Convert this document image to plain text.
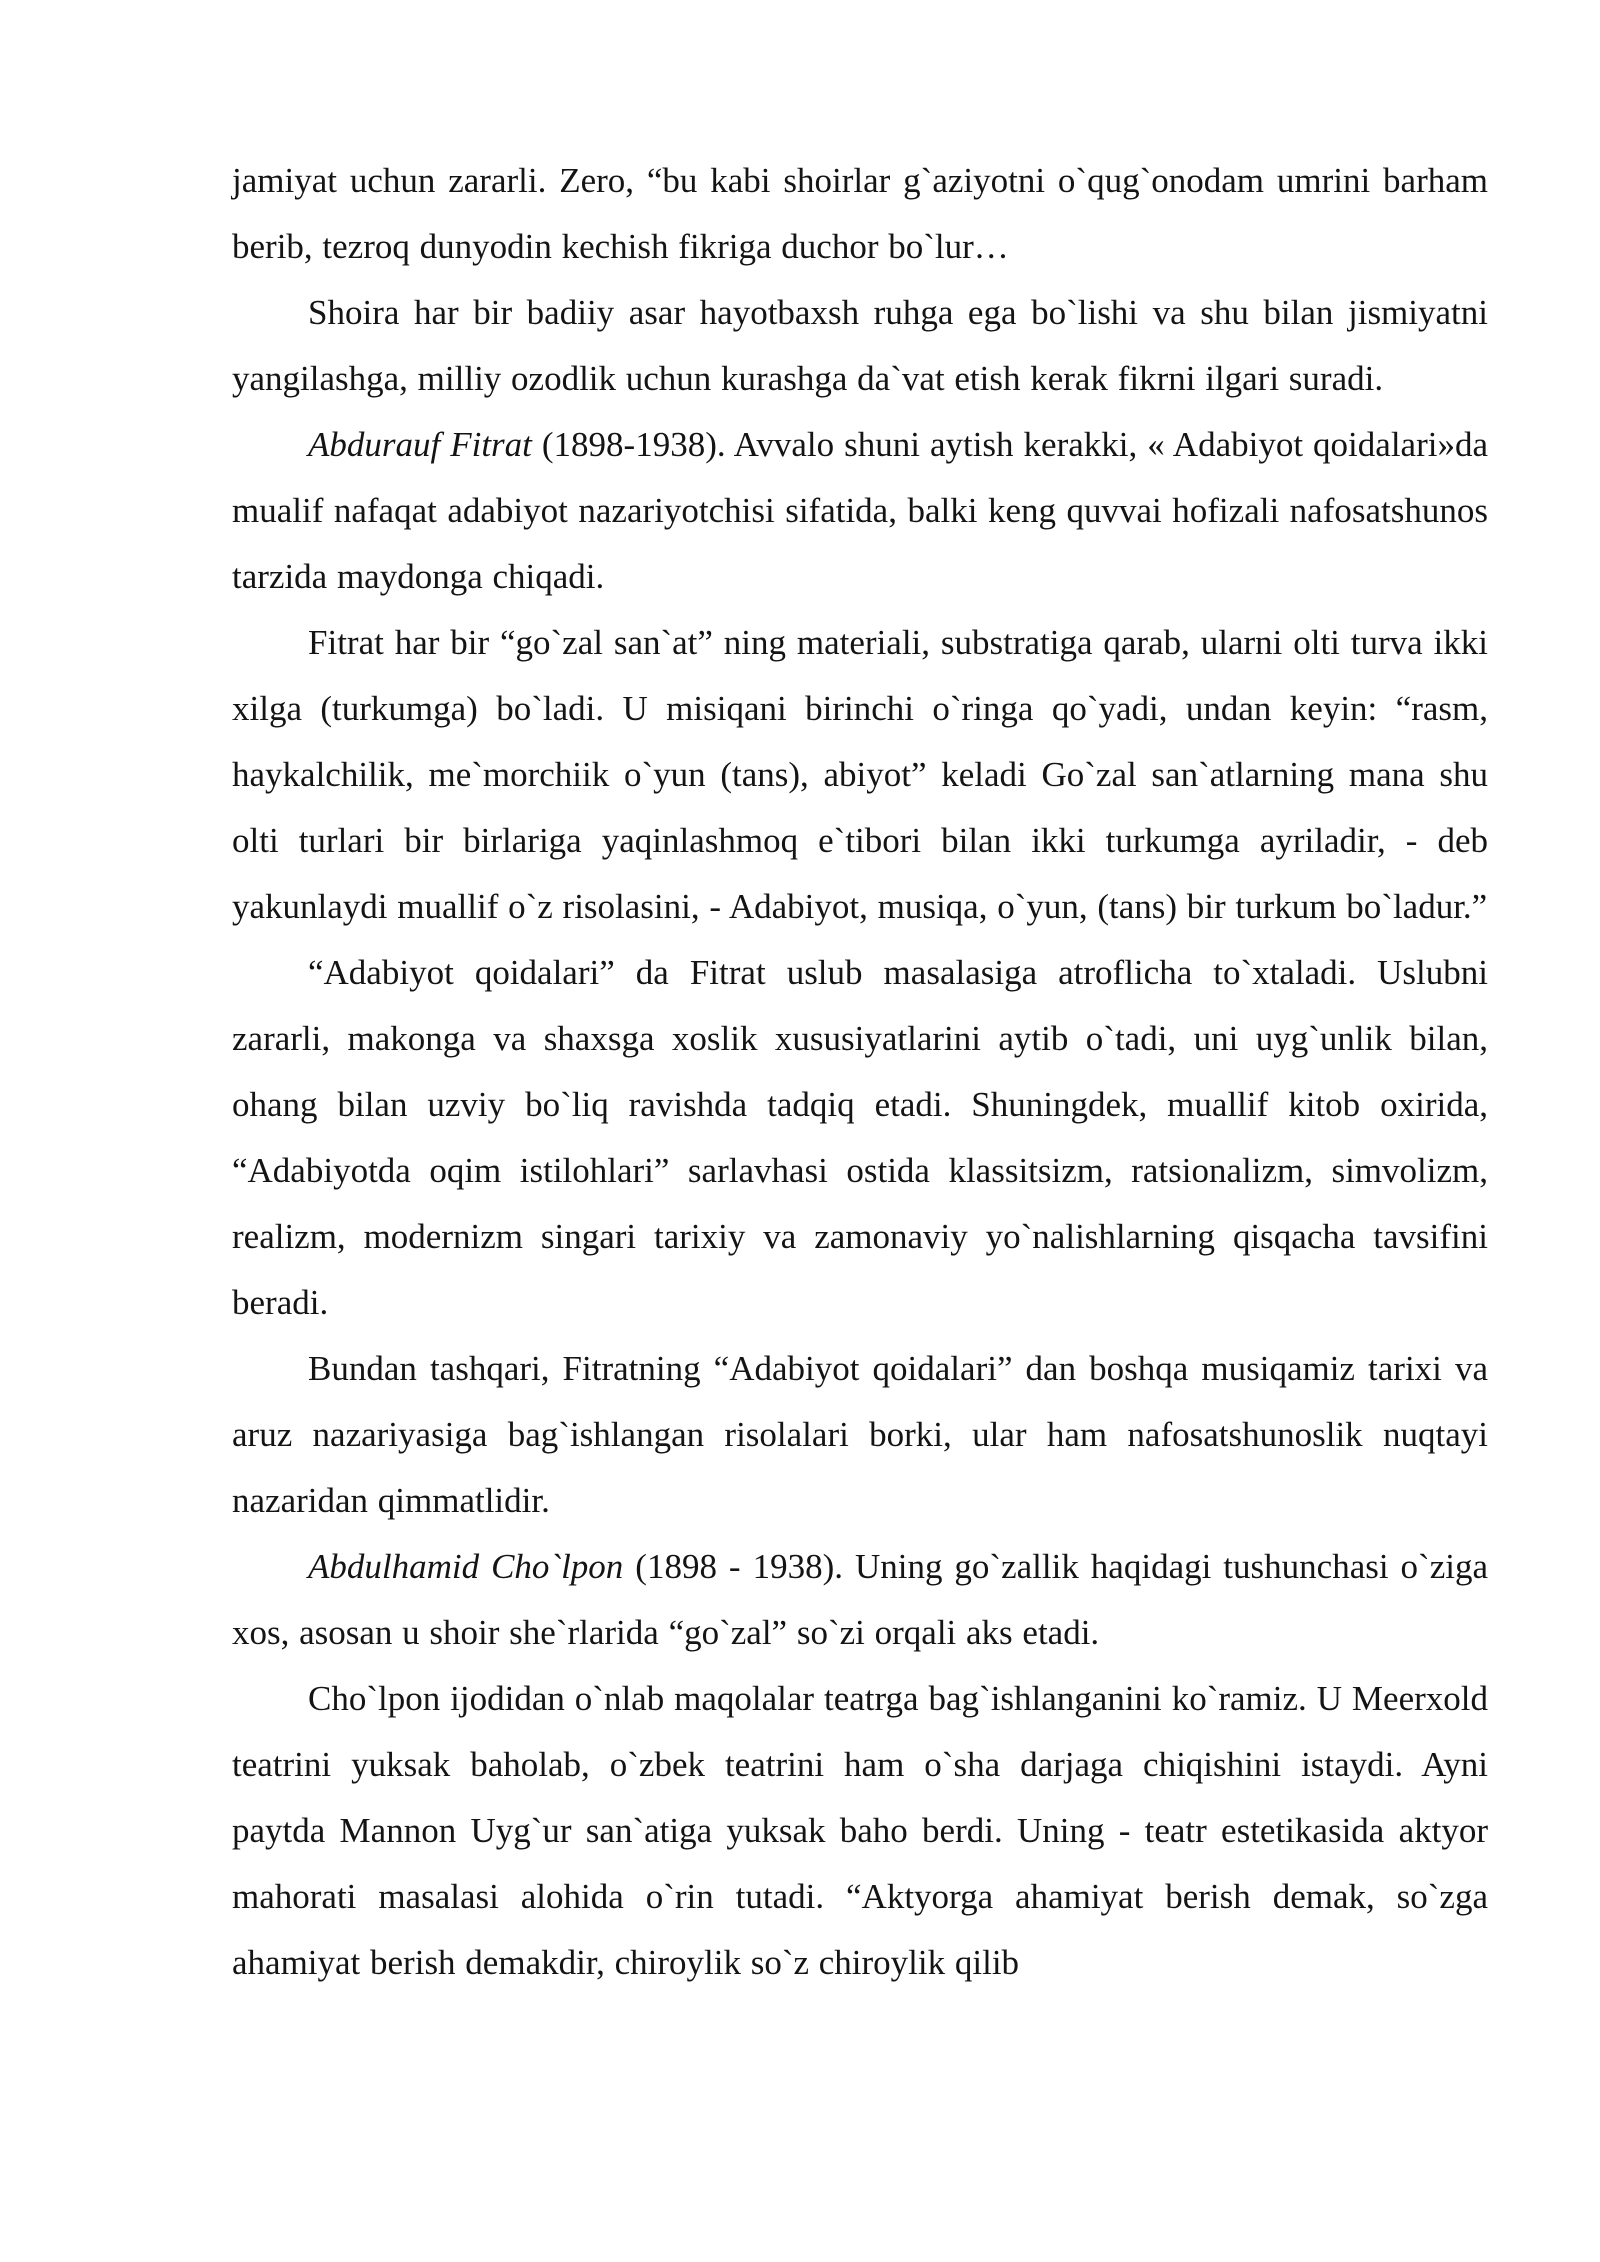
jamiyat uchun zararli. Zero, “bu kabi shoirlar g`aziyotni o`qug`onodam umrini barham berib, tezroq dunyodin kechish fikriga duchor bo`lur…

Shoira har bir badiiy asar hayotbaxsh ruhga ega bo`lishi va shu bilan jismiyatni yangilashga, milliy ozodlik uchun kurashga da`vat etish kerak fikrni ilgari suradi.

Abdurauf Fitrat (1898-1938). Avvalo shuni aytish kerakki, « Adabiyot qoidalari»da mualif nafaqat adabiyot nazariyotchisi sifatida, balki keng quvvai hofizali nafosatshunos tarzida maydonga chiqadi.

Fitrat har bir “go`zal san`at” ning materiali, substratiga qarab, ularni olti turva ikki xilga (turkumga) bo`ladi. U misiqani birinchi o`ringa qo`yadi, undan keyin: “rasm, haykalchilik, me`morchiik o`yun (tans), abiyot” keladi Go`zal san`atlarning mana shu olti turlari bir birlariga yaqinlashmoq e`tibori bilan ikki turkumga ayriladir, - deb yakunlaydi muallif o`z risolasini, - Adabiyot, musiqa, o`yun, (tans) bir turkum bo`ladur.”

“Adabiyot qoidalari” da Fitrat uslub masalasiga atroflicha to`xtaladi. Uslubni zararli, makonga va shaxsga xoslik xususiyatlarini aytib o`tadi, uni uyg`unlik bilan, ohang bilan uzviy bo`liq ravishda tadqiq etadi. Shuningdek, muallif kitob oxirida, “Adabiyotda oqim istilohlari” sarlavhasi ostida klassitsizm, ratsionalizm, simvolizm, realizm, modernizm singari tarixiy va zamonaviy yo`nalishlarning qisqacha tavsifini beradi.

Bundan tashqari, Fitratning “Adabiyot qoidalari” dan boshqa musiqamiz tarixi va aruz nazariyasiga bag`ishlangan risolalari borki, ular ham nafosatshunoslik nuqtayi nazaridan qimmatlidir.

Abdulhamid Cho`lpon (1898 - 1938). Uning go`zallik haqidagi tushunchasi o`ziga xos, asosan u shoir she`rlarida “go`zal” so`zi orqali aks etadi.

Cho`lpon ijodidan o`nlab maqolalar teatrga bag`ishlanganini ko`ramiz. U Meerxold teatrini yuksak baholab, o`zbek teatrini ham o`sha darjaga chiqishini istaydi. Ayni paytda Mannon Uyg`ur san`atiga yuksak baho berdi. Uning - teatr estetikasida aktyor mahorati masalasi alohida o`rin tutadi. “Aktyorga ahamiyat berish demak, so`zga ahamiyat berish demakdir, chiroylik so`z chiroylik qilib
